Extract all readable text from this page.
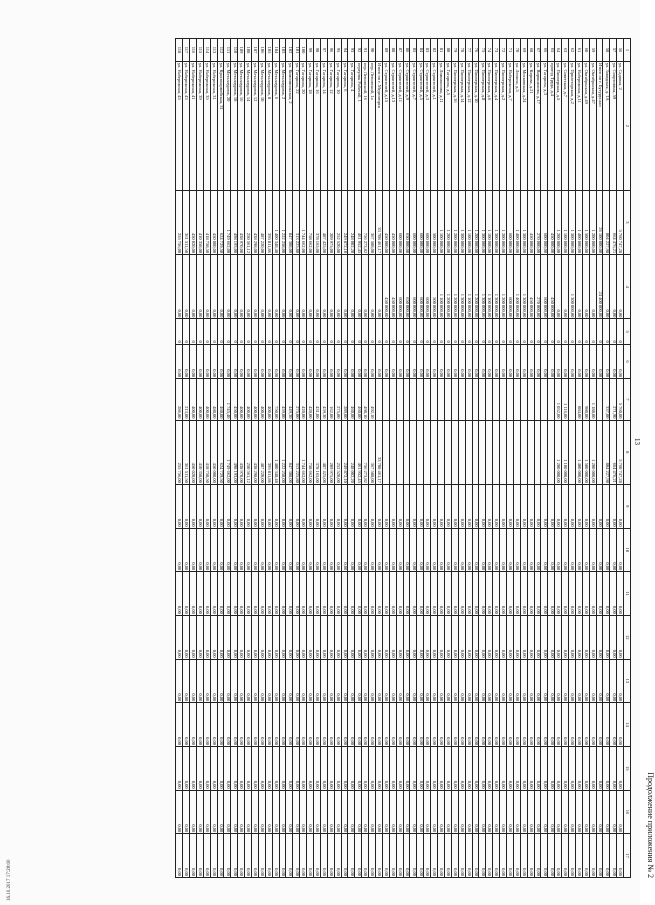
Продолжение приложения № 2
13
1	2	3	4	5	6	7	8	9	10	11	12	13	14	15	16	17
56	ул. Садовая, 2	5 760 747,28	0,00	0	0,00	5 760,00	5 760 747,28	0,00	0,00	0,00	0,00	0,00	0,00	0,00	0,00	0,00
57	ул. Спортивная, 59	664 476,21	0,00	0	0,00	271,90	664 476,21	0,00	0,00	0,00	0,00	0,00	0,00	0,00	0,00	0,00
58	ул. Заводская, д. 1А	804 227,98	0,00	0	0,00	337,00	804 227,98	0,00	0,00	0,00	0,00	0,00	0,00	0,00	0,00	0,00
	Итого по г. Бугуруслан	26 100 000,00	24 400 000,00	0	0,00			0,00	0,00	0,00	0,00	0,00	0,00	0,00	0,00	0,00
59	ул. Октябрьская, д.47	1 200 000,00	0,00	0	0,00	1 188,00	1 200 000,00	0,00	0,00	0,00	0,00	0,00	0,00	0,00	0,00	0,00
60	ул. Октябрьская, д.49	1 500 000,00	0,00	0	0,00	980,00	1 500 000,00	0,00	0,00	0,00	0,00	0,00	0,00	0,00	0,00	0,00
61	ул. Набережная, д.11	1 400 000,00	0,00	0	0,00	884,00	1 400 000,00	0,00	0,00	0,00	0,00	0,00	0,00	0,00	0,00	0,00
62	ул. Пролетарская, д.2	1 300 000,00	1 300 000,00	0	0,00			0,00	0,00	0,00	0,00	0,00	0,00	0,00	0,00	0,00
63	ул. Советская, д.7	1 100 000,00	0,00	0	0,00	1 116,00	1 100 000,00	0,00	0,00	0,00	0,00	0,00	0,00	0,00	0,00	0,00
64	ул. Пионерская, д.5	1 200 000,00	0,00	0	0,00	1 052,00	1 200 000,00	0,00	0,00	0,00	0,00	0,00	0,00	0,00	0,00	0,00
65	проезд Труда, д.4	450 000,00	450 000,00	0	0,00			0,00	0,00	0,00	0,00	0,00	0,00	0,00	0,00	0,00
66	ул. Гагарина, д.3	600 000,00	600 000,00	0	0,00			0,00	0,00	0,00	0,00	0,00	0,00	0,00	0,00	0,00
67	ул. Ворошилова, д.17	270 000,00	270 000,00	0	0,00			0,00	0,00	0,00	0,00	0,00	0,00	0,00	0,00	0,00
68	ул. Кирова, д.21	450 000,00	450 000,00	0	0,00			0,00	0,00	0,00	0,00	0,00	0,00	0,00	0,00	0,00
69	ул. Московская, д.24	1 300 000,00	1 300 000,00	0	0,00			0,00	0,00	0,00	0,00	0,00	0,00	0,00	0,00	0,00
70	ул. Ленина, д.5	1 400 000,00	1 400 000,00	0	0,00			0,00	0,00	0,00	0,00	0,00	0,00	0,00	0,00	0,00
71	ул. Набережная, д.7	600 000,00	600 000,00	0	0,00			0,00	0,00	0,00	0,00	0,00	0,00	0,00	0,00	0,00
72	ул. Пионерская, д.2	1 200 000,00	1 200 000,00	0	0,00			0,00	0,00	0,00	0,00	0,00	0,00	0,00	0,00	0,00
73	ул. Пионерская, д.4	1 300 000,00	1 300 000,00	0	0,00			0,00	0,00	0,00	0,00	0,00	0,00	0,00	0,00	0,00
74	ул. Пионерская, д.6	1 100 000,00	1 100 000,00	0	0,00			0,00	0,00	0,00	0,00	0,00	0,00	0,00	0,00	0,00
75	ул. Пионерская, д.8	1 300 000,00	1 300 000,00	0	0,00			0,00	0,00	0,00	0,00	0,00	0,00	0,00	0,00	0,00
76	ул. Пионерская, д.10	1 200 000,00	1 200 000,00	0	0,00			0,00	0,00	0,00	0,00	0,00	0,00	0,00	0,00	0,00
77	ул. Пионерская, д.12	1 100 000,00	1 100 000,00	0	0,00			0,00	0,00	0,00	0,00	0,00	0,00	0,00	0,00	0,00
78	ул. Пионерская, д.14	1 300 000,00	1 300 000,00	0	0,00			0,00	0,00	0,00	0,00	0,00	0,00	0,00	0,00	0,00
79	ул. Пионерская, д.16	1 200 000,00	1 200 000,00	0	0,00			0,00	0,00	0,00	0,00	0,00	0,00	0,00	0,00	0,00
80	ул. Гагарина, д.5	1 200 000,00	1 200 000,00	0	0,00			0,00	0,00	0,00	0,00	0,00	0,00	0,00	0,00	0,00
81	ул. Ломоносова, д.11	1 100 000,00	1 100 000,00	0	0,00			0,00	0,00	0,00	0,00	0,00	0,00	0,00	0,00	0,00
82	ул. Строителей, д.1	500 000,00	500 000,00	0	0,00			0,00	0,00	0,00	0,00	0,00	0,00	0,00	0,00	0,00
83	ул. Строителей, д.3	600 000,00	600 000,00	0	0,00			0,00	0,00	0,00	0,00	0,00	0,00	0,00	0,00	0,00
84	ул. Строителей, д.5	600 000,00	600 000,00	0	0,00			0,00	0,00	0,00	0,00	0,00	0,00	0,00	0,00	0,00
85	ул. Строителей, д.7	600 000,00	600 000,00	0	0,00			0,00	0,00	0,00	0,00	0,00	0,00	0,00	0,00	0,00
86	ул. Строителей, д.9	650 000,00	650 000,00	0	0,00			0,00	0,00	0,00	0,00	0,00	0,00	0,00	0,00	0,00
87	ул. Строителей, д.11	600 000,00	600 000,00	0	0,00			0,00	0,00	0,00	0,00	0,00	0,00	0,00	0,00	0,00
88	ул. Строителей, д.13	450 000,00	450 000,00	0	0,00			0,00	0,00	0,00	0,00	0,00	0,00	0,00	0,00	0,00
89	ул. Строителей, д.15	450 000,00	450 000,00	0	0,00			0,00	0,00	0,00	0,00	0,00	0,00	0,00	0,00	0,00
	Итого по г. Медногорск	33 708 461,17	0,00	0	0,00		33 708 461,17	0,00	0,00	0,00	0,00	0,00	0,00	0,00	0,00	0,00
90	пер. Ленинский, 1а	367 588,00	0,00	0	0,00	492,10	367 588,00	0,00	0,00	0,00	0,00	0,00	0,00	0,00	0,00	0,00
91	пер. Ленинский, 1б	756 273,82	0,00	0	0,00	498,10	756 273,82	0,00	0,00	0,00	0,00	0,00	0,00	0,00	0,00	0,00
92	переулок Рабочий, 1	461 952,45	0,00	0	0,00	460,00	461 952,45	0,00	0,00	0,00	0,00	0,00	0,00	0,00	0,00	0,00
93	ул. Гагарина, 4	248 002,20	0,00	0	0,00	460,00	248 002,20	0,00	0,00	0,00	0,00	0,00	0,00	0,00	0,00	0,00
94	ул. Гагарина, 6	249 872,10	0,00	0	0,00	289,00	249 872,10	0,00	0,00	0,00	0,00	0,00	0,00	0,00	0,00	0,00
95	ул. Гагарина, 10	252 520,00	0,00	0	0,00	275,00	252 520,00	0,00	0,00	0,00	0,00	0,00	0,00	0,00	0,00	0,00
96	ул. Гагарина, 12	209 975,00	0,00	0	0,00	162,00	209 975,00	0,00	0,00	0,00	0,00	0,00	0,00	0,00	0,00	0,00
97	ул. Гагарина, 14	487 425,00	0,00	0	0,00	459,30	487 425,00	0,00	0,00	0,00	0,00	0,00	0,00	0,00	0,00	0,00
98	ул. Гагарина, 16	378 165,00	0,00	0	0,00	431,00	378 165,00	0,00	0,00	0,00	0,00	0,00	0,00	0,00	0,00	0,00
99	ул. Гагарина, 18	758 662,00	0,00	0	0,00	420,00	758 662,00	0,00	0,00	0,00	0,00	0,00	0,00	0,00	0,00	0,00
100	ул. Гагарина, 20	1 744 662,00	0,00	0	0,00	420,00	1 744 662,00	0,00	0,00	0,00	0,00	0,00	0,00	0,00	0,00	0,00
101	ул. Гагарина, 22	313 225,80	0,00	0	0,00	275,00	313 225,80	0,00	0,00	0,00	0,00	0,00	0,00	0,00	0,00	0,00
102	ул. Комсомольская, 2	847 388,00	0,00	0	0,00	449,30	847 388,00	0,00	0,00	0,00	0,00	0,00	0,00	0,00	0,00	0,00
103	ул. Металлургов, 2	1 222 258,00	0,00	0	0,00	459,00	1 222 258,00	0,00	0,00	0,00	0,00	0,00	0,00	0,00	0,00	0,00
104	ул. Металлургов, 6	1 400 348,48	0,00	0	0,00	750,00	1 400 348,48	0,00	0,00	0,00	0,00	0,00	0,00	0,00	0,00	0,00
105	ул. Металлургов, 8	395 811,86	0,00	0	0,00	400,00	395 811,86	0,00	0,00	0,00	0,00	0,00	0,00	0,00	0,00	0,00
106	ул. Металлургов, 10	487 220,00	0,00	0	0,00	400,00	487 220,00	0,00	0,00	0,00	0,00	0,00	0,00	0,00	0,00	0,00
107	ул. Металлургов, 12	438 298,00	0,00	0	0,00	400,00	438 298,00	0,00	0,00	0,00	0,00	0,00	0,00	0,00	0,00	0,00
108	ул. Металлургов, 14	250 561,12	0,00	0	0,00	400,00	250 561,12	0,00	0,00	0,00	0,00	0,00	0,00	0,00	0,00	0,00
109	ул. Металлургов, 16	438 970,00	0,00	0	0,00	400,00	438 970,00	0,00	0,00	0,00	0,00	0,00	0,00	0,00	0,00	0,00
110	ул. Металлургов, 18	498 193,00	0,00	0	0,00	450,00	498 193,00	0,00	0,00	0,00	0,00	0,00	0,00	0,00	0,00	0,00
111	ул. Металлургов, 20	1 749 662,00	0,00	0	0,00	1 745,40	1 749 662,00	0,00	0,00	0,00	0,00	0,00	0,00	0,00	0,00	0,00
112	ул. Красноармейская, 31	624 729,50	0,00	0	0,00	460,00	624 729,50	0,00	0,00	0,00	0,00	0,00	0,00	0,00	0,00	0,00
113	ул. Набережная, 31	450 000,00	0,00	0	0,00	480,00	450 000,00	0,00	0,00	0,00	0,00	0,00	0,00	0,00	0,00	0,00
114	ул. Набережная, 35	418 758,50	0,00	0	0,00	400,00	418 758,50	0,00	0,00	0,00	0,00	0,00	0,00	0,00	0,00	0,00
115	ул. Набережная, 39	410 358,00	0,00	0	0,00	400,00	410 358,00	0,00	0,00	0,00	0,00	0,00	0,00	0,00	0,00	0,00
116	ул. Набережная, 41	450 020,00	0,00	0	0,00	400,00	450 020,00	0,00	0,00	0,00	0,00	0,00	0,00	0,00	0,00	0,00
117	ул. Набережная, 43	361 511,50	0,00	0	0,00	213,00	361 511,50	0,00	0,00	0,00	0,00	0,00	0,00	0,00	0,00	0,00
118	ул. Набережная, 45	255 756,00	0,00	0	0,00	286,80	255 756,00	0,00	0,00	0,00	0,00	0,00	0,00	0,00	0,00	0,00
16.10.2017 17:28:00
